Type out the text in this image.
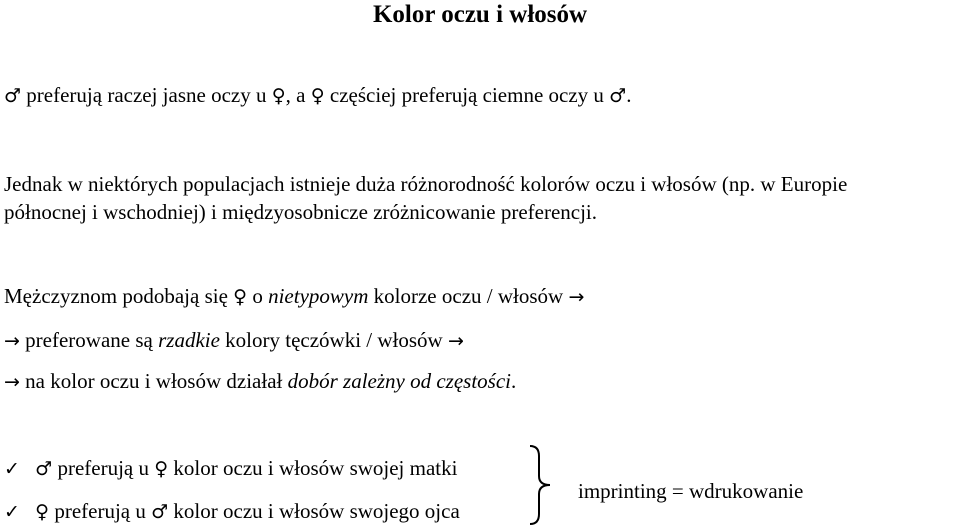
Kolor oczu i włosów
♂ preferują raczej jasne oczy u ♀, a ♀ częściej preferują ciemne oczy u ♂.
Jednak w niektórych populacjach istnieje duża różnorodność kolorów oczu i włosów (np. w Europie
północnej i wschodniej) i międzyosobnicze zróżnicowanie preferencji.
Mężczyznom podobają się ♀ o nietypowym kolorze oczu / włosów →
→ preferowane są rzadkie kolory tęczówki / włosów →
→ na kolor oczu i włosów działał dobór zależny od częstości.
✓ ♂ preferują u ♀ kolor oczu i włosów swojej matki
✓ ♀ preferują u ♂ kolor oczu i włosów swojego ojca
imprinting = wdrukowanie
